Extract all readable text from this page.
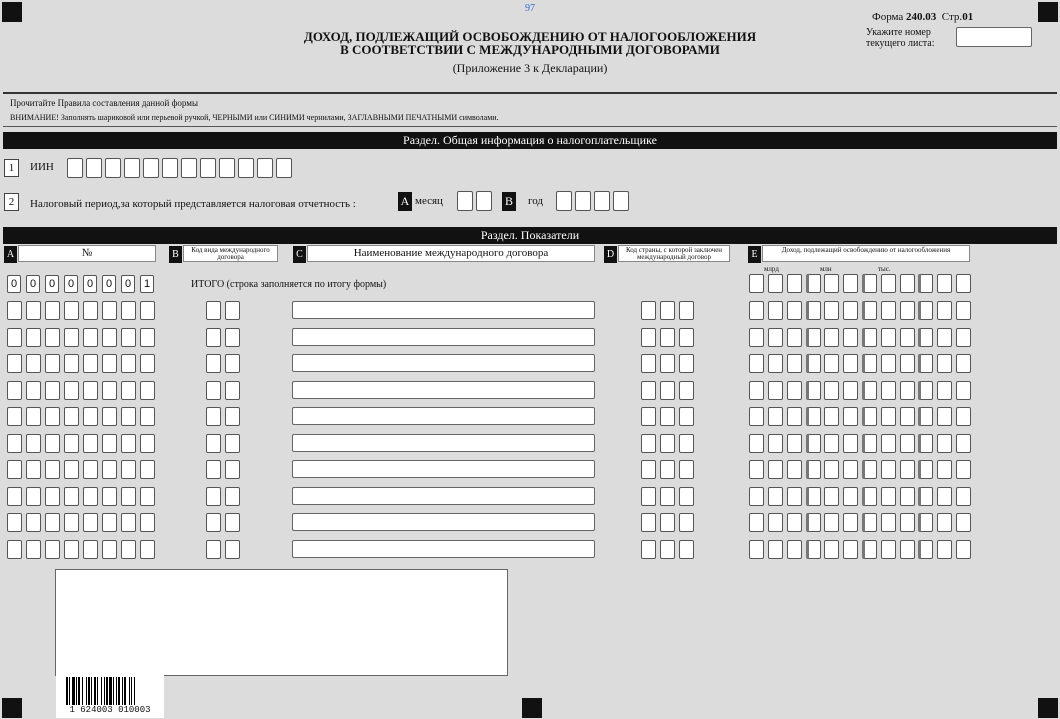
97
ДОХОД, ПОДЛЕЖАЩИЙ ОСВОБОЖДЕНИЮ ОТ НАЛОГООБЛОЖЕНИЯ
В СООТВЕТСТВИИ С МЕЖДУНАРОДНЫМИ ДОГОВОРАМИ
(Приложение 3 к Декларации)
Форма 240.03 Стр.01
Укажите номер
текущего листа:
Прочитайте Правила составления данной формы
ВНИМАНИЕ! Заполнять шариковой или перьевой ручкой, ЧЕРНЫМИ или СИНИМИ чернилами, ЗАГЛАВНЫМИ ПЕЧАТНЫМИ символами.
Раздел. Общая информация о налогоплательщике
1	ИИН
2	Налоговый период,за который представляется налоговая отчетность :	A месяц	B год
Раздел. Показатели
A	№	B	Код вида международного договора	C	Наименование международного договора	D	Код страны, с которой заключен международный договор	E	Доход, подлежащий освобождению от налогообложения
млрд	млн	тыс.
0	0	0	0	0	0	0	1	ИТОГО (строка заполняется по итогу формы)
1 624003 010003
